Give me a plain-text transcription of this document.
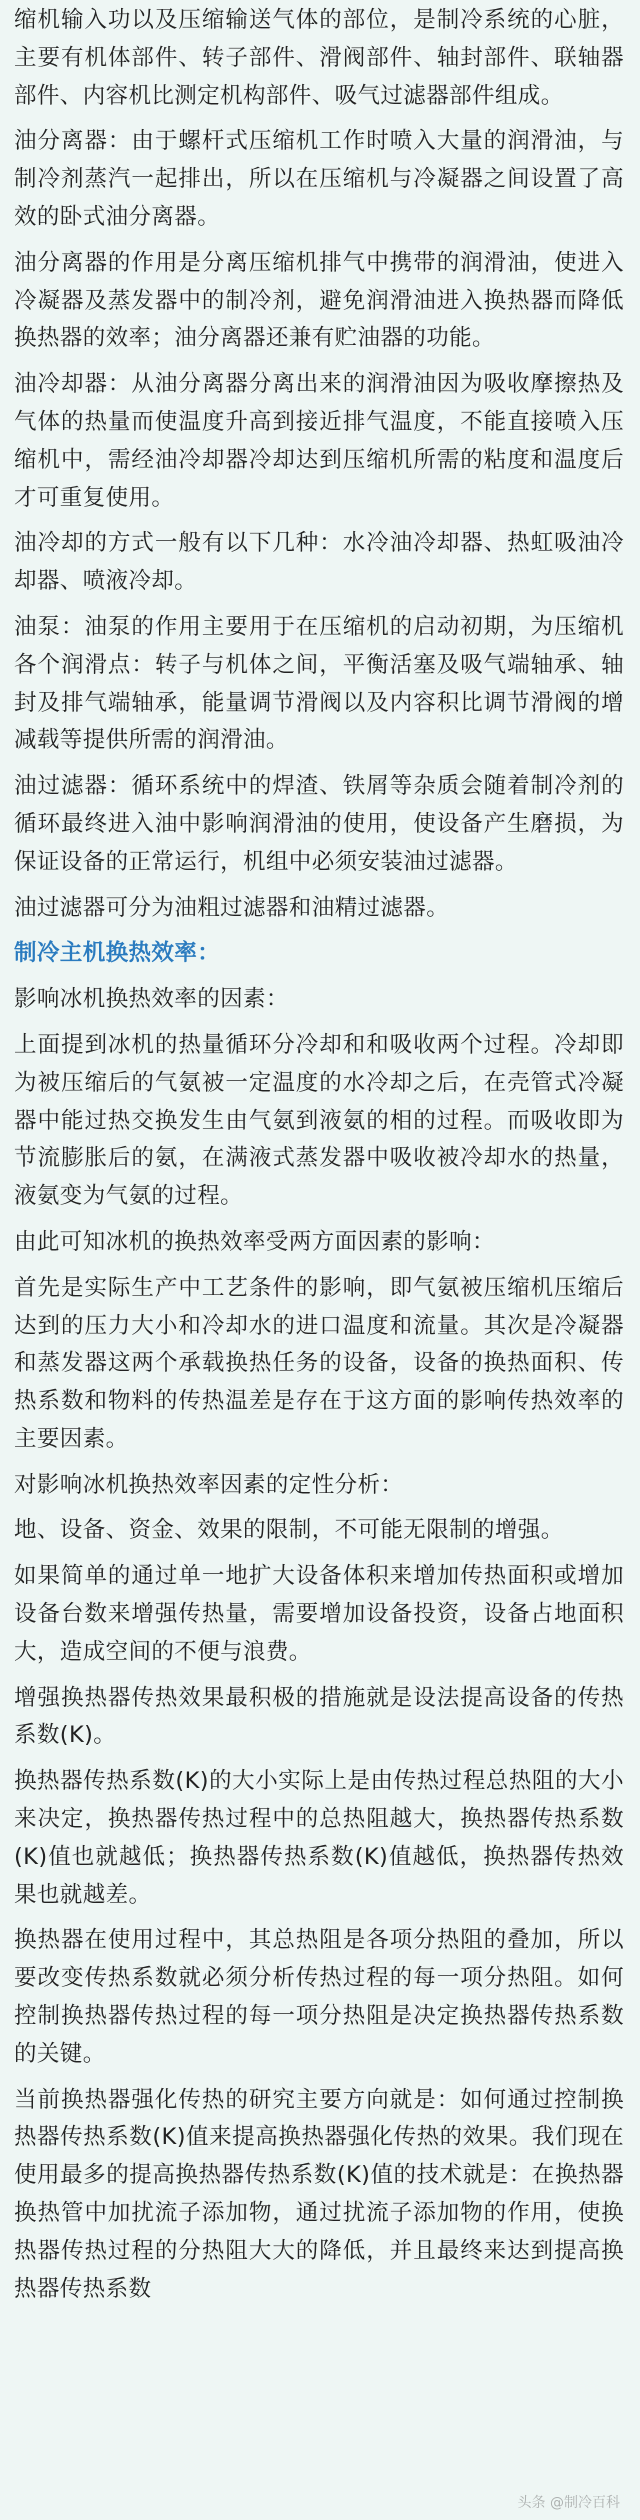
缩机输入功以及压缩输送气体的部位，是制冷系统的心脏，主要有机体部件、转子部件、滑阀部件、轴封部件、联轴器部件、内容机比测定机构部件、吸气过滤器部件组成。

油分离器：由于螺杆式压缩机工作时喷入大量的润滑油，与制冷剂蒸汽一起排出，所以在压缩机与冷凝器之间设置了高效的卧式油分离器。

油分离器的作用是分离压缩机排气中携带的润滑油，使进入冷凝器及蒸发器中的制冷剂，避免润滑油进入换热器而降低换热器的效率；油分离器还兼有贮油器的功能。

油冷却器：从油分离器分离出来的润滑油因为吸收摩擦热及气体的热量而使温度升高到接近排气温度，不能直接喷入压缩机中，需经油冷却器冷却达到压缩机所需的粘度和温度后才可重复使用。

油冷却的方式一般有以下几种：水冷油冷却器、热虹吸油冷却器、喷液冷却。

油泵：油泵的作用主要用于在压缩机的启动初期，为压缩机各个润滑点：转子与机体之间，平衡活塞及吸气端轴承、轴封及排气端轴承，能量调节滑阀以及内容积比调节滑阀的增减载等提供所需的润滑油。

油过滤器：循环系统中的焊渣、铁屑等杂质会随着制冷剂的循环最终进入油中影响润滑油的使用，使设备产生磨损，为保证设备的正常运行，机组中必须安装油过滤器。

油过滤器可分为油粗过滤器和油精过滤器。

制冷主机换热效率：

影响冰机换热效率的因素：

上面提到冰机的热量循环分冷却和和吸收两个过程。冷却即为被压缩后的气氨被一定温度的水冷却之后，在壳管式冷凝器中能过热交换发生由气氨到液氨的相的过程。而吸收即为节流膨胀后的氨，在满液式蒸发器中吸收被冷却水的热量，液氨变为气氨的过程。

由此可知冰机的换热效率受两方面因素的影响：

首先是实际生产中工艺条件的影响，即气氨被压缩机压缩后达到的压力大小和冷却水的进口温度和流量。其次是冷凝器和蒸发器这两个承载换热任务的设备，设备的换热面积、传热系数和物料的传热温差是存在于这方面的影响传热效率的主要因素。

对影响冰机换热效率因素的定性分析：

地、设备、资金、效果的限制，不可能无限制的增强。

如果简单的通过单一地扩大设备体积来增加传热面积或增加设备台数来增强传热量，需要增加设备投资，设备占地面积大，造成空间的不便与浪费。

增强换热器传热效果最积极的措施就是设法提高设备的传热系数(K)。

换热器传热系数(K)的大小实际上是由传热过程总热阻的大小来决定，换热器传热过程中的总热阻越大，换热器传热系数(K)值也就越低；换热器传热系数(K)值越低，换热器传热效果也就越差。

换热器在使用过程中，其总热阻是各项分热阻的叠加，所以要改变传热系数就必须分析传热过程的每一项分热阻。如何控制换热器传热过程的每一项分热阻是决定换热器传热系数的关键。

当前换热器强化传热的研究主要方向就是：如何通过控制换热器传热系数(K)值来提高换热器强化传热的效果。我们现在使用最多的提高换热器传热系数(K)值的技术就是：在换热器换热管中加扰流子添加物，通过扰流子添加物的作用，使换热器传热过程的分热阻大大的降低，并且最终来达到提高换热器传热系数

头条 @制冷百科
